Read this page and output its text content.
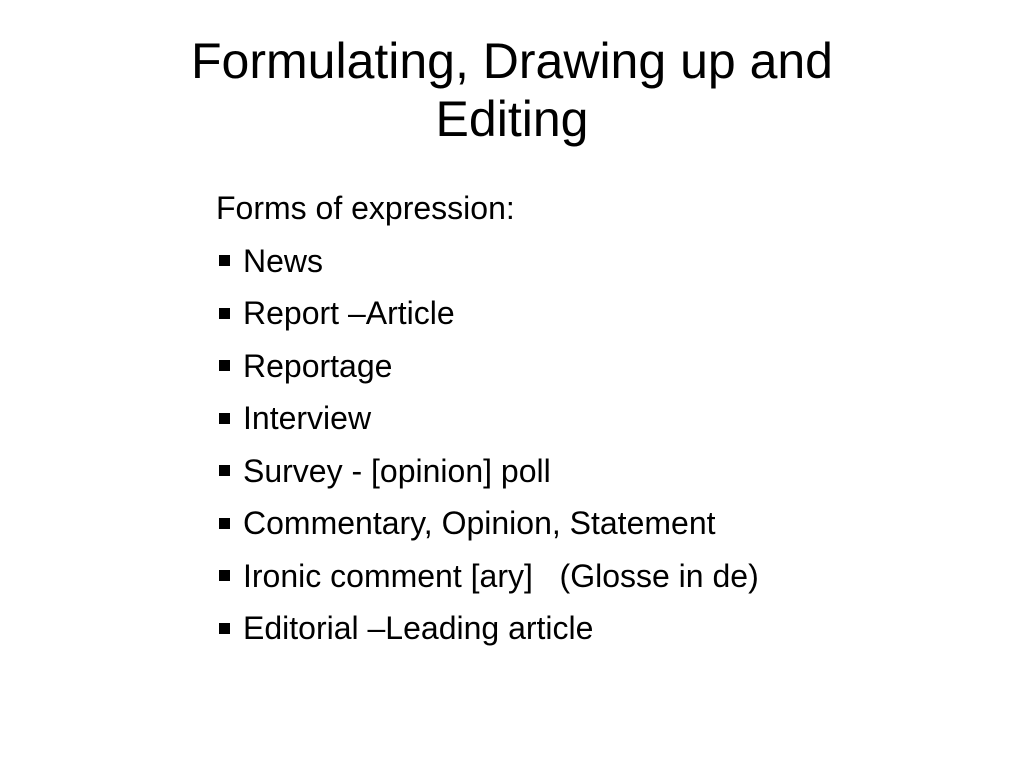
Formulating, Drawing up and
Editing
Forms of expression:
News
Report –Article
Reportage
Interview
Survey - [opinion] poll
Commentary, Opinion, Statement
Ironic comment [ary]   (Glosse in de)
Editorial –Leading article
